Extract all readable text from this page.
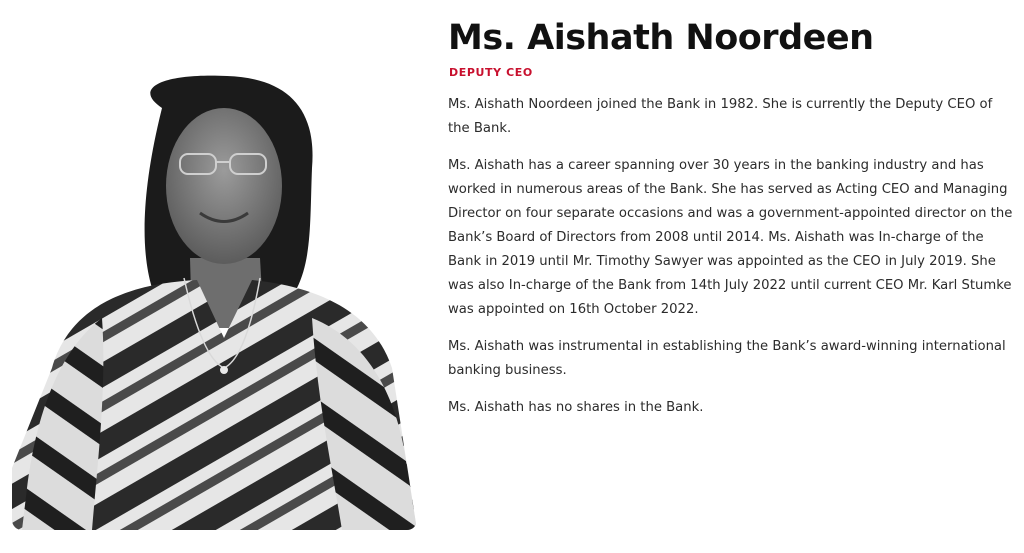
Ms. Aishath Noordeen
DEPUTY CEO

Ms. Aishath Noordeen joined the Bank in 1982. She is currently the Deputy CEO of the Bank.

Ms. Aishath has a career spanning over 30 years in the banking industry and has worked in numerous areas of the Bank. She has served as Acting CEO and Managing Director on four separate occasions and was a government-appointed director on the Bank’s Board of Directors from 2008 until 2014. Ms. Aishath was In-charge of the Bank in 2019 until Mr. Timothy Sawyer was appointed as the CEO in July 2019. She was also In-charge of the Bank from 14th July 2022 until current CEO Mr. Karl Stumke was appointed on 16th October 2022.

Ms. Aishath was instrumental in establishing the Bank’s award-winning international banking business.

Ms. Aishath has no shares in the Bank.
